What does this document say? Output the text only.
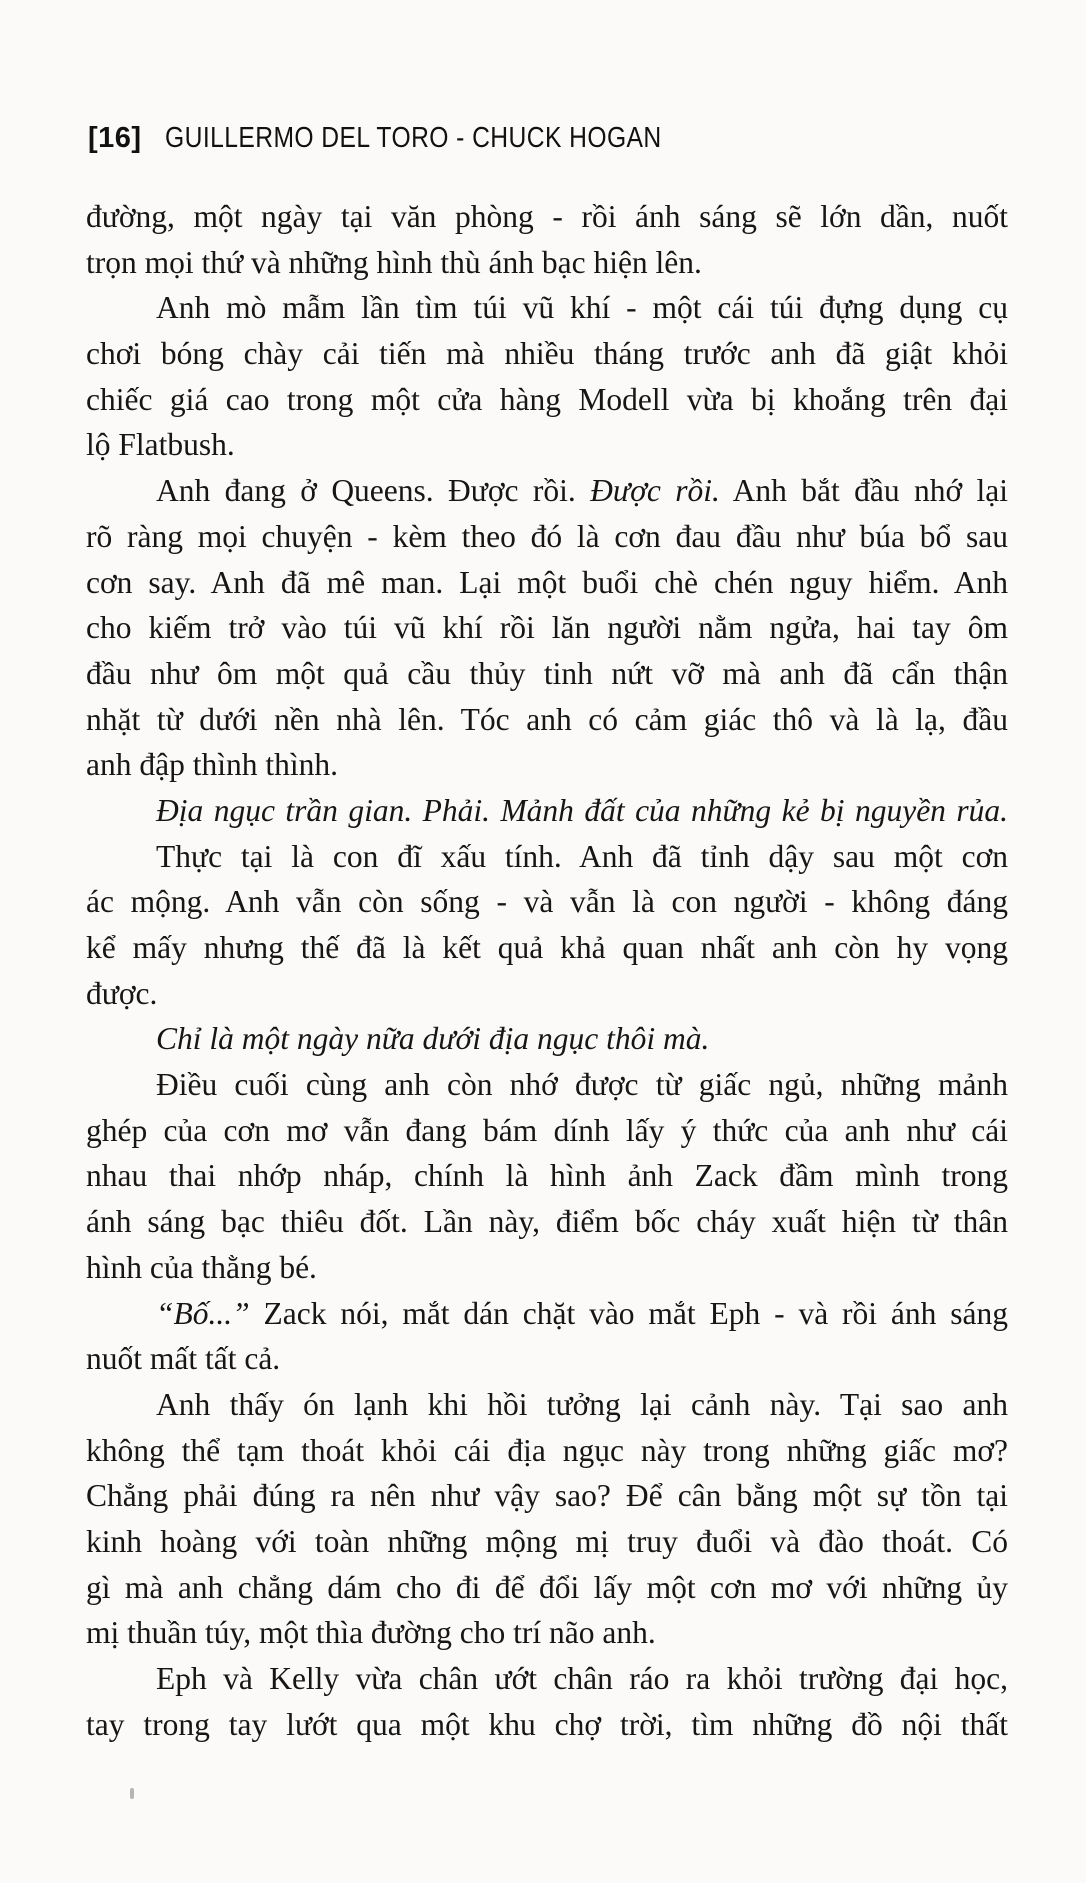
[16] GUILLERMO DEL TORO - CHUCK HOGAN
đường, một ngày tại văn phòng - rồi ánh sáng sẽ lớn dần, nuốt
trọn mọi thứ và những hình thù ánh bạc hiện lên.
Anh mò mẫm lần tìm túi vũ khí - một cái túi đựng dụng cụ
chơi bóng chày cải tiến mà nhiều tháng trước anh đã giật khỏi
chiếc giá cao trong một cửa hàng Modell vừa bị khoắng trên đại
lộ Flatbush.
Anh đang ở Queens. Được rồi. Được rồi. Anh bắt đầu nhớ lại
rõ ràng mọi chuyện - kèm theo đó là cơn đau đầu như búa bổ sau
cơn say. Anh đã mê man. Lại một buổi chè chén nguy hiểm. Anh
cho kiếm trở vào túi vũ khí rồi lăn người nằm ngửa, hai tay ôm
đầu như ôm một quả cầu thủy tinh nứt vỡ mà anh đã cẩn thận
nhặt từ dưới nền nhà lên. Tóc anh có cảm giác thô và là lạ, đầu
anh đập thình thình.
Địa ngục trần gian. Phải. Mảnh đất của những kẻ bị nguyền rủa.
Thực tại là con đĩ xấu tính. Anh đã tỉnh dậy sau một cơn
ác mộng. Anh vẫn còn sống - và vẫn là con người - không đáng
kể mấy nhưng thế đã là kết quả khả quan nhất anh còn hy vọng
được.
Chỉ là một ngày nữa dưới địa ngục thôi mà.
Điều cuối cùng anh còn nhớ được từ giấc ngủ, những mảnh
ghép của cơn mơ vẫn đang bám dính lấy ý thức của anh như cái
nhau thai nhớp nháp, chính là hình ảnh Zack đầm mình trong
ánh sáng bạc thiêu đốt. Lần này, điểm bốc cháy xuất hiện từ thân
hình của thằng bé.
“Bố...” Zack nói, mắt dán chặt vào mắt Eph - và rồi ánh sáng
nuốt mất tất cả.
Anh thấy ón lạnh khi hồi tưởng lại cảnh này. Tại sao anh
không thể tạm thoát khỏi cái địa ngục này trong những giấc mơ?
Chẳng phải đúng ra nên như vậy sao? Để cân bằng một sự tồn tại
kinh hoàng với toàn những mộng mị truy đuổi và đào thoát. Có
gì mà anh chẳng dám cho đi để đổi lấy một cơn mơ với những ủy
mị thuần túy, một thìa đường cho trí não anh.
Eph và Kelly vừa chân ướt chân ráo ra khỏi trường đại học,
tay trong tay lướt qua một khu chợ trời, tìm những đồ nội thất
